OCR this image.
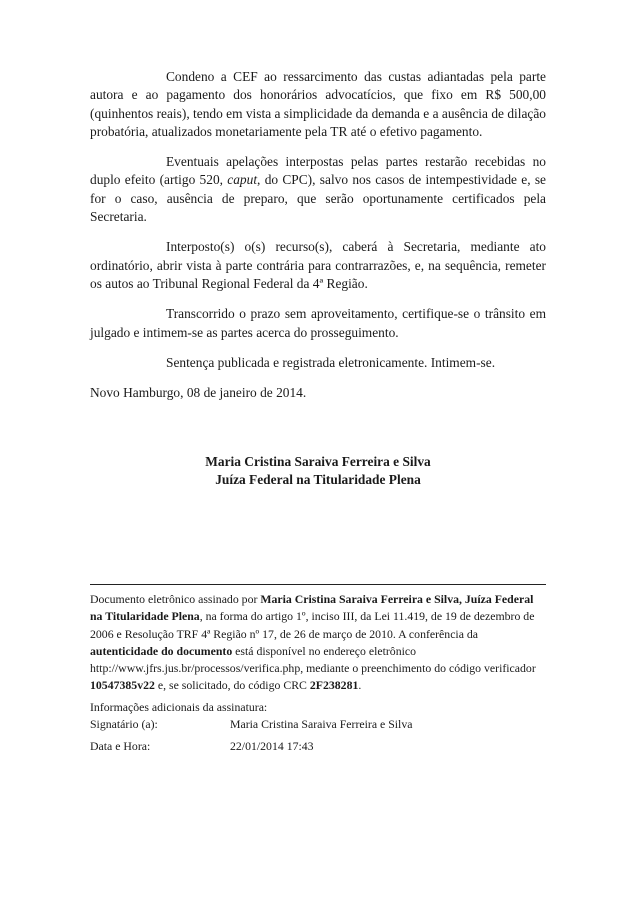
Condeno a CEF ao ressarcimento das custas adiantadas pela parte autora e ao pagamento dos honorários advocatícios, que fixo em R$ 500,00 (quinhentos reais), tendo em vista a simplicidade da demanda e a ausência de dilação probatória, atualizados monetariamente pela TR até o efetivo pagamento.

Eventuais apelações interpostas pelas partes restarão recebidas no duplo efeito (artigo 520, caput, do CPC), salvo nos casos de intempestividade e, se for o caso, ausência de preparo, que serão oportunamente certificados pela Secretaria.

Interposto(s) o(s) recurso(s), caberá à Secretaria, mediante ato ordinatório, abrir vista à parte contrária para contrarrazões, e, na sequência, remeter os autos ao Tribunal Regional Federal da 4ª Região.

Transcorrido o prazo sem aproveitamento, certifique-se o trânsito em julgado e intimem-se as partes acerca do prosseguimento.

Sentença publicada e registrada eletronicamente. Intimem-se.

Novo Hamburgo, 08 de janeiro de 2014.

Maria Cristina Saraiva Ferreira e Silva
Juíza Federal na Titularidade Plena
Documento eletrônico assinado por Maria Cristina Saraiva Ferreira e Silva, Juíza Federal na Titularidade Plena, na forma do artigo 1º, inciso III, da Lei 11.419, de 19 de dezembro de 2006 e Resolução TRF 4ª Região nº 17, de 26 de março de 2010. A conferência da autenticidade do documento está disponível no endereço eletrônico http://www.jfrs.jus.br/processos/verifica.php, mediante o preenchimento do código verificador 10547385v22 e, se solicitado, do código CRC 2F238281.
Informações adicionais da assinatura:
Signatário (a):	Maria Cristina Saraiva Ferreira e Silva
Data e Hora:	22/01/2014 17:43
